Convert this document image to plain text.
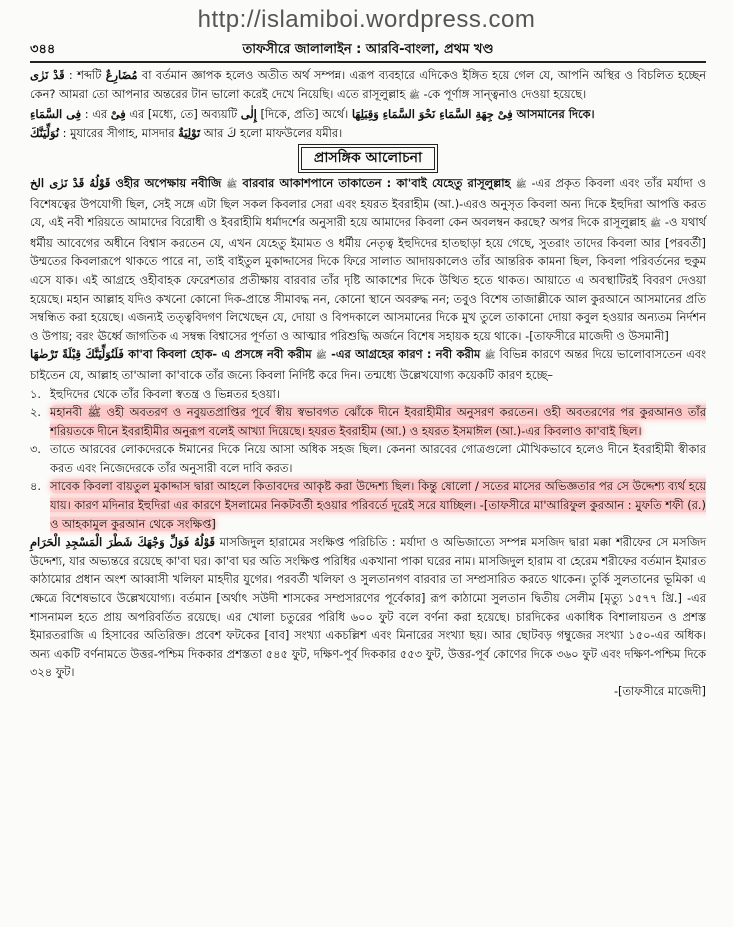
http://islamiboi.wordpress.com
৩৪৪	তাফসীরে জালালাইন : আরবি-বাংলা, প্রথম খণ্ড

قَدْ نَرٰى : শব্দটি مُضَارِعٌ বা বর্তমান জ্ঞাপক হলেও অতীত অর্থ সম্পন্ন। এরূপ ব্যবহারে এদিকেও ইঙ্গিত হয়ে গেল যে, আপনি অস্থির ও বিচলিত হচ্ছেন কেন? আমরা তো আপনার অন্তরের টান ভালো করেই দেখে নিয়েছি। এতে রাসূলুল্লাহ ﷺ -কে পূর্ণাঙ্গ সান্ত্বনাও দেওয়া হয়েছে।

فِى السَّمَاءِ : এর فِىْ এর [মধ্যে, তে] অব্যয়টি إِلٰى [দিকে, প্রতি] অর্থে। فِىْ جِهَةِ السَّمَاءِ نَحْوَ السَّمَاءِ وَقِبَلِهَا আসমানের দিকে।

نُوَلِّيَنَّكَ : মুযারের সীগাহ, মাসদার تَوْلِيَةٌ আর كَ হলো মাফউলের যমীর।

প্রাসঙ্গিক আলোচনা

قَوْلُهُ قَدْ نَرٰى الخ ওহীর অপেক্ষায় নবীজি ﷺ বারবার আকাশপানে তাকাতেন : কা'বাই যেহেতু রাসূলুল্লাহ ﷺ -এর প্রকৃত কিবলা এবং তাঁর মর্যাদা ও বিশেষত্বের উপযোগী ছিল, সেই সঙ্গে এটা ছিল সকল কিবলার সেরা এবং হযরত ইবরাহীম (আ.)-এরও অনুসৃত কিবলা অন্য দিকে ইহুদিরা আপত্তি করত যে, এই নবী শরিয়তে আমাদের বিরোধী ও ইবরাহীমি ধর্মাদর্শের অনুসারী হয়ে আমাদের কিবলা কেন অবলম্বন করছে? অপর দিকে রাসূলুল্লাহ ﷺ -ও যথার্থ ধর্মীয় আবেগের অধীনে বিশ্বাস করতেন যে, এখন যেহেতু ইমামত ও ধর্মীয় নেতৃত্ব ইহুদিদের হাতছাড়া হয়ে গেছে, সুতরাং তাদের কিবলা আর [পরবর্তী] উম্মতের কিবলারূপে থাকতে পারে না, তাই বাইতুল মুকাদ্দাসের দিকে ফিরে সালাত আদায়কালেও তাঁর আন্তরিক কামনা ছিল, কিবলা পরিবর্তনের হুকুম এসে যাক। এই আগ্রহে ওহীবাহক ফেরেশতার প্রতীক্ষায় বারবার তাঁর দৃষ্টি আকাশের দিকে উত্থিত হতে থাকত। আয়াতে এ অবস্থাটিরই বিবরণ দেওয়া হয়েছে। মহান আল্লাহ যদিও কখনো কোনো দিক-প্রান্তে সীমাবদ্ধ নন, কোনো স্থানে অবরুদ্ধ নন; তবুও বিশেষ তাজাল্লীকে আল কুরআনে আসমানের প্রতি সম্বন্ধিত করা হয়েছে। এজন্যই তত্ত্ববিদগণ লিখেছেন যে, দোয়া ও বিপদকালে আসমানের দিকে মুখ তুলে তাকানো দোয়া কবুল হওয়ার অন্যতম নির্দশন ও উপায়; বরং ঊর্ধ্বে জাগতিক এ সম্বন্ধ বিশ্বাসের পূর্ণতা ও আত্মার পরিশুদ্ধি অর্জনে বিশেষ সহায়ক হয়ে থাকে। -[তাফসীরে মাজেদী ও উসমানী]

فَلَنُوَلِّيَنَّكَ قِبْلَةً تَرْضٰهَا কা'বা কিবলা হোক- এ প্রসঙ্গে নবী করীম ﷺ -এর আগ্রহের কারণ : নবী করীম ﷺ বিভিন্ন কারণে অন্তর দিয়ে ভালোবাসতেন এবং চাইতেন যে, আল্লাহ তা'আলা কা'বাকে তাঁর জন্যে কিবলা নির্দিষ্ট করে দিন। তন্মধ্যে উল্লেখযোগ্য কয়েকটি কারণ হচ্ছে–

১. ইহুদিদের থেকে তাঁর কিবলা স্বতন্ত্র ও ভিন্নতর হওয়া।
২. মহানবী ﷺ ওহী অবতরণ ও নবুয়তপ্রাপ্তির পূর্বে স্বীয় স্বভাবগত ঝোঁকে দীনে ইবরাহীমীর অনুসরণ করতেন। ওহী অবতরণের পর কুরআনও তাঁর শরিয়তকে দীনে ইবরাহীমীর অনুরূপ বলেই আখ্যা দিয়েছে। হযরত ইবরাহীম (আ.) ও হযরত ইসমাঈল (আ.)-এর কিবলাও কা'বাই ছিল।
৩. তাতে আরবের লোকদেরকে ঈমানের দিকে নিয়ে আসা অধিক সহজ ছিল। কেননা আরবের গোত্রগুলো মৌখিকভাবে হলেও দীনে ইবরাহীমী স্বীকার করত এবং নিজেদেরকে তাঁর অনুসারী বলে দাবি করত।
৪. সাবেক কিবলা বায়তুল মুকাদ্দাস দ্বারা আহলে কিতাবদের আকৃষ্ট করা উদ্দেশ্য ছিল। কিন্তু ষোলো / সতের মাসের অভিজ্ঞতার পর সে উদ্দেশ্য ব্যর্থ হয়ে যায়। কারণ মদিনার ইহুদিরা এর কারণে ইসলামের নিকটবর্তী হওয়ার পরিবর্তে দূরেই সরে যাচ্ছিল। -[তাফসীরে মা'আরিফুল কুরআন : মুফতি শফী (র.) ও আহকামুল কুরআন থেকে সংক্ষিপ্ত]

قَوْلُهُ فَوَلِّ وَجْهَكَ شَطْرَ الْمَسْجِدِ الْحَرَامِ মাসজিদুল হারামের সংক্ষিপ্ত পরিচিতি : মর্যাদা ও অভিজাত্যে সম্পন্ন মসজিদ দ্বারা মক্কা শরীফের সে মসজিদ উদ্দেশ্য, যার অভ্যন্তরে রয়েছে কা'বা ঘর। কা'বা ঘর অতি সংক্ষিপ্ত পরিধির একখানা পাকা ঘরের নাম। মাসজিদুল হারাম বা হেরেম শরীফের বর্তমান ইমারত কাঠামোর প্রধান অংশ আব্বাসী খলিফা মাহদীর যুগের। পরবর্তী খলিফা ও সুলতানগণ বারবার তা সম্প্রসারিত করতে থাকেন। তুর্কি সুলতানের ভূমিকা এ ক্ষেত্রে বিশেষভাবে উল্লেখযোগ্য। বর্তমান [অর্থাৎ সউদী শাসকের সম্প্রসারণের পূর্বেকার] রূপ কাঠামো সুলতান দ্বিতীয় সেলীম [মৃত্যু ১৫৭৭ খ্রি.] -এর শাসনামল হতে প্রায় অপরিবর্তিত রয়েছে। এর খোলা চতুরের পরিধি ৬০০ ফুট বলে বর্ণনা করা হয়েছে। চারদিকের একাধিক বিশালায়তন ও প্রশস্ত ইমারতরাজি এ হিসাবের অতিরিক্ত। প্রবেশ ফটকের [বাব] সংখ্যা একচল্লিশ এবং মিনারের সংখ্যা ছয়। আর ছোটবড় গম্বুজের সংখ্যা ১৫০-এর অধিক। অন্য একটি বর্ণনামতে উত্তর-পশ্চিম দিককার প্রশস্ততা ৫৪৫ ফুট, দক্ষিণ-পূর্ব দিককার ৫৫৩ ফুট, উত্তর-পূর্ব কোণের দিকে ৩৬০ ফুট এবং দক্ষিণ-পশ্চিম দিকে ৩২৪ ফুট।

-[তাফসীরে মাজেদী]
